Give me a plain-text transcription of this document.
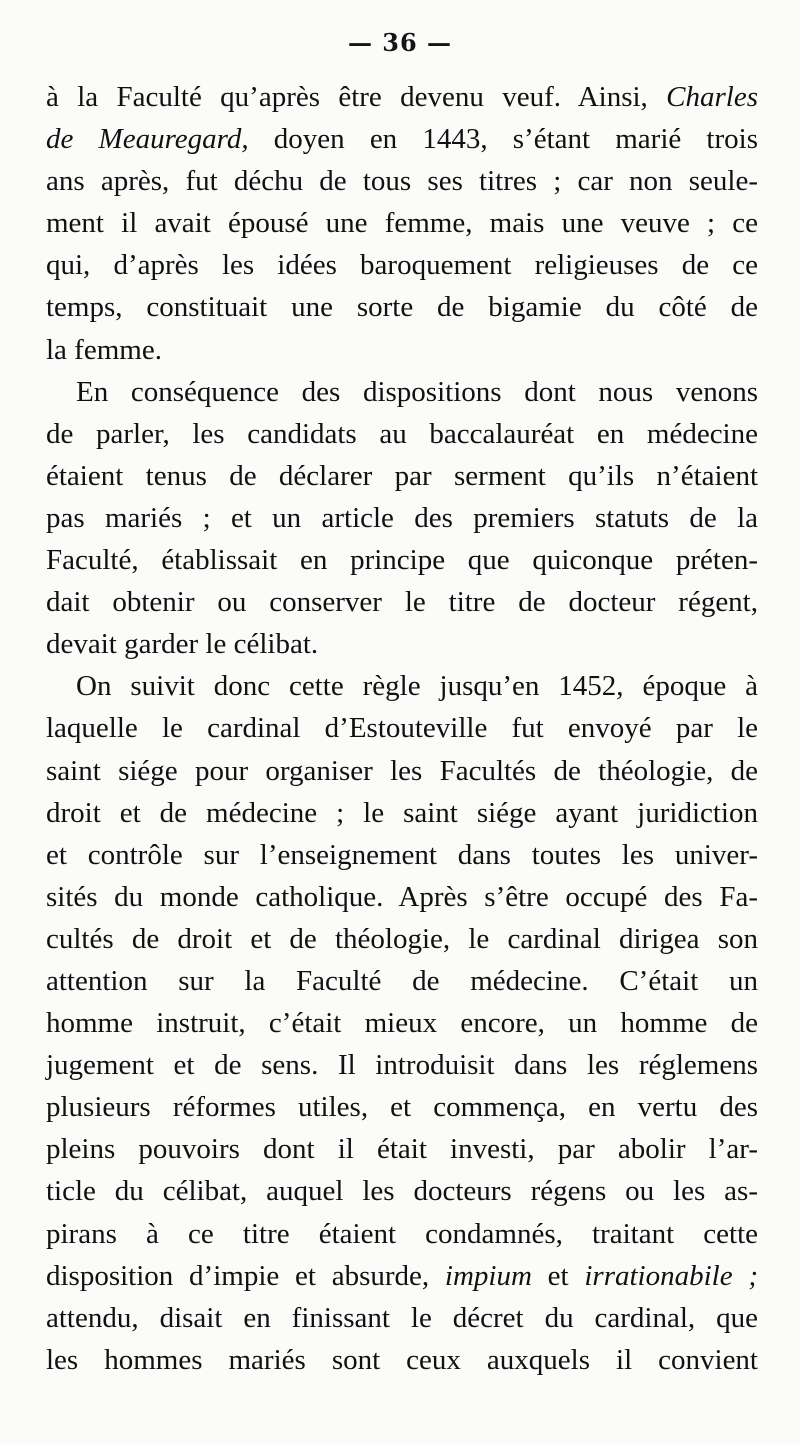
— 36 —
à la Faculté qu’après être devenu veuf. Ainsi, Charles
de Meauregard, doyen en 1443, s’étant marié trois
ans après, fut déchu de tous ses titres ; car non seule-
ment il avait épousé une femme, mais une veuve ; ce
qui, d’après les idées baroquement religieuses de ce
temps, constituait une sorte de bigamie du côté de
la femme.
En conséquence des dispositions dont nous venons
de parler, les candidats au baccalauréat en médecine
étaient tenus de déclarer par serment qu’ils n’étaient
pas mariés ; et un article des premiers statuts de la
Faculté, établissait en principe que quiconque préten-
dait obtenir ou conserver le titre de docteur régent,
devait garder le célibat.
On suivit donc cette règle jusqu’en 1452, époque à
laquelle le cardinal d’Estouteville fut envoyé par le
saint siége pour organiser les Facultés de théologie, de
droit et de médecine ; le saint siége ayant juridiction
et contrôle sur l’enseignement dans toutes les univer-
sités du monde catholique. Après s’être occupé des Fa-
cultés de droit et de théologie, le cardinal dirigea son
attention sur la Faculté de médecine. C’était un
homme instruit, c’était mieux encore, un homme de
jugement et de sens. Il introduisit dans les réglemens
plusieurs réformes utiles, et commença, en vertu des
pleins pouvoirs dont il était investi, par abolir l’ar-
ticle du célibat, auquel les docteurs régens ou les as-
pirans à ce titre étaient condamnés, traitant cette
disposition d’impie et absurde, impium et irrationabile ;
attendu, disait en finissant le décret du cardinal, que
les hommes mariés sont ceux auxquels il convient
